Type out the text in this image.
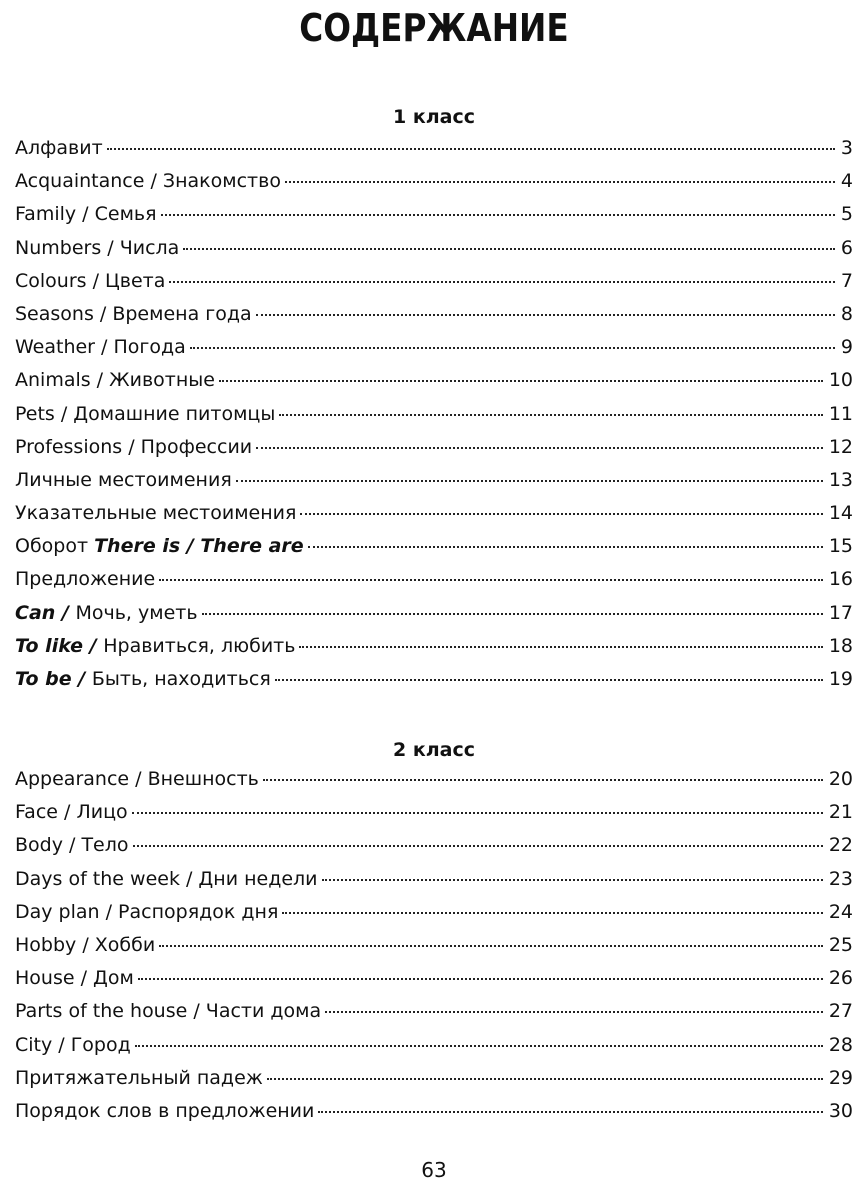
СОДЕРЖАНИЕ
1 класс
Алфавит	3
Acquaintance / Знакомство	4
Family / Семья	5
Numbers / Числа	6
Colours / Цвета	7
Seasons / Времена года	8
Weather / Погода	9
Animals / Животные	10
Pets / Домашние питомцы	11
Professions / Профессии	12
Личные местоимения	13
Указательные местоимения	14
Оборот There is / There are	15
Предложение	16
Can / Мочь, уметь	17
To like / Нравиться, любить	18
To be / Быть, находиться	19
2 класс
Appearance / Внешность	20
Face / Лицо	21
Body / Тело	22
Days of the week / Дни недели	23
Day plan / Распорядок дня	24
Hobby / Хобби	25
House / Дом	26
Parts of the house / Части дома	27
City / Город	28
Притяжательный падеж	29
Порядок слов в предложении	30
63
